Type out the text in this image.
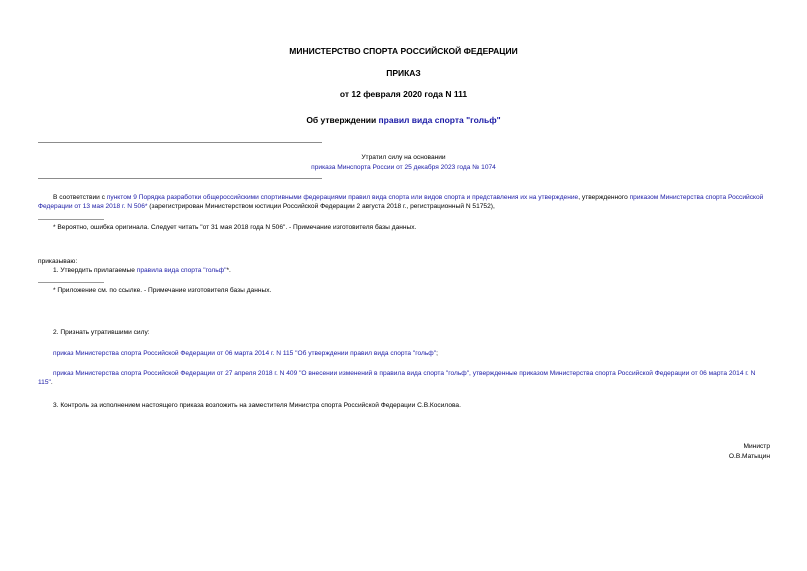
МИНИСТЕРСТВО СПОРТА РОССИЙСКОЙ ФЕДЕРАЦИИ
ПРИКАЗ
от 12 февраля 2020 года N 111
Об утверждении правил вида спорта "гольф"
Утратил силу на основании
приказа Минспорта России от 25 декабря 2023 года № 1074
В соответствии с пунктом 9 Порядка разработки общероссийскими спортивными федерациями правил вида спорта или видов спорта и представления их на утверждение, утвержденного приказом Министерства спорта Российской Федерации от 13 мая 2018 г. N 506* (зарегистрирован Министерством юстиции Российской Федерации 2 августа 2018 г., регистрационный N 51752),
* Вероятно, ошибка оригинала. Следует читать "от 31 мая 2018 года N 506". - Примечание изготовителя базы данных.
приказываю:
1. Утвердить прилагаемые правила вида спорта "гольф"*.
* Приложение см. по ссылке. - Примечание изготовителя базы данных.
2. Признать утратившими силу:
приказ Министерства спорта Российской Федерации от 06 марта 2014 г. N 115 "Об утверждении правил вида спорта "гольф";
приказ Министерства спорта Российской Федерации от 27 апреля 2018 г. N 409 "О внесении изменений в правила вида спорта "гольф", утвержденные приказом Министерства спорта Российской Федерации от 06 марта 2014 г. N 115".
3. Контроль за исполнением настоящего приказа возложить на заместителя Министра спорта Российской Федерации С.В.Косилова.
Министр
О.В.Матыцин
